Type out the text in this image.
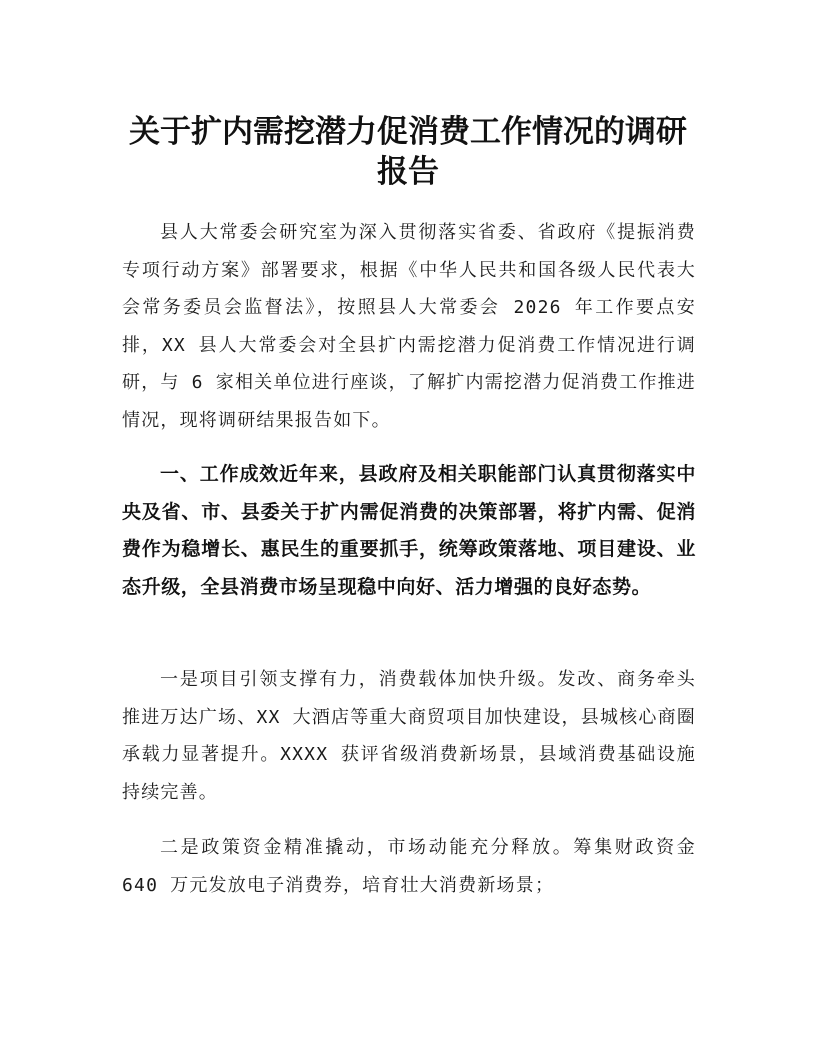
关于扩内需挖潜力促消费工作情况的调研报告

县人大常委会研究室为深入贯彻落实省委、省政府《提振消费专项行动方案》部署要求，根据《中华人民共和国各级人民代表大会常务委员会监督法》，按照县人大常委会 2026 年工作要点安排，XX 县人大常委会对全县扩内需挖潜力促消费工作情况进行调研，与 6 家相关单位进行座谈，了解扩内需挖潜力促消费工作推进情况，现将调研结果报告如下。

一、工作成效近年来，县政府及相关职能部门认真贯彻落实中央及省、市、县委关于扩内需促消费的决策部署，将扩内需、促消费作为稳增长、惠民生的重要抓手，统筹政策落地、项目建设、业态升级，全县消费市场呈现稳中向好、活力增强的良好态势。

一是项目引领支撑有力，消费载体加快升级。发改、商务牵头推进万达广场、XX 大酒店等重大商贸项目加快建设，县城核心商圈承载力显著提升。XXXX 获评省级消费新场景，县域消费基础设施持续完善。

二是政策资金精准撬动，市场动能充分释放。筹集财政资金 640 万元发放电子消费券，培育壮大消费新场景；
